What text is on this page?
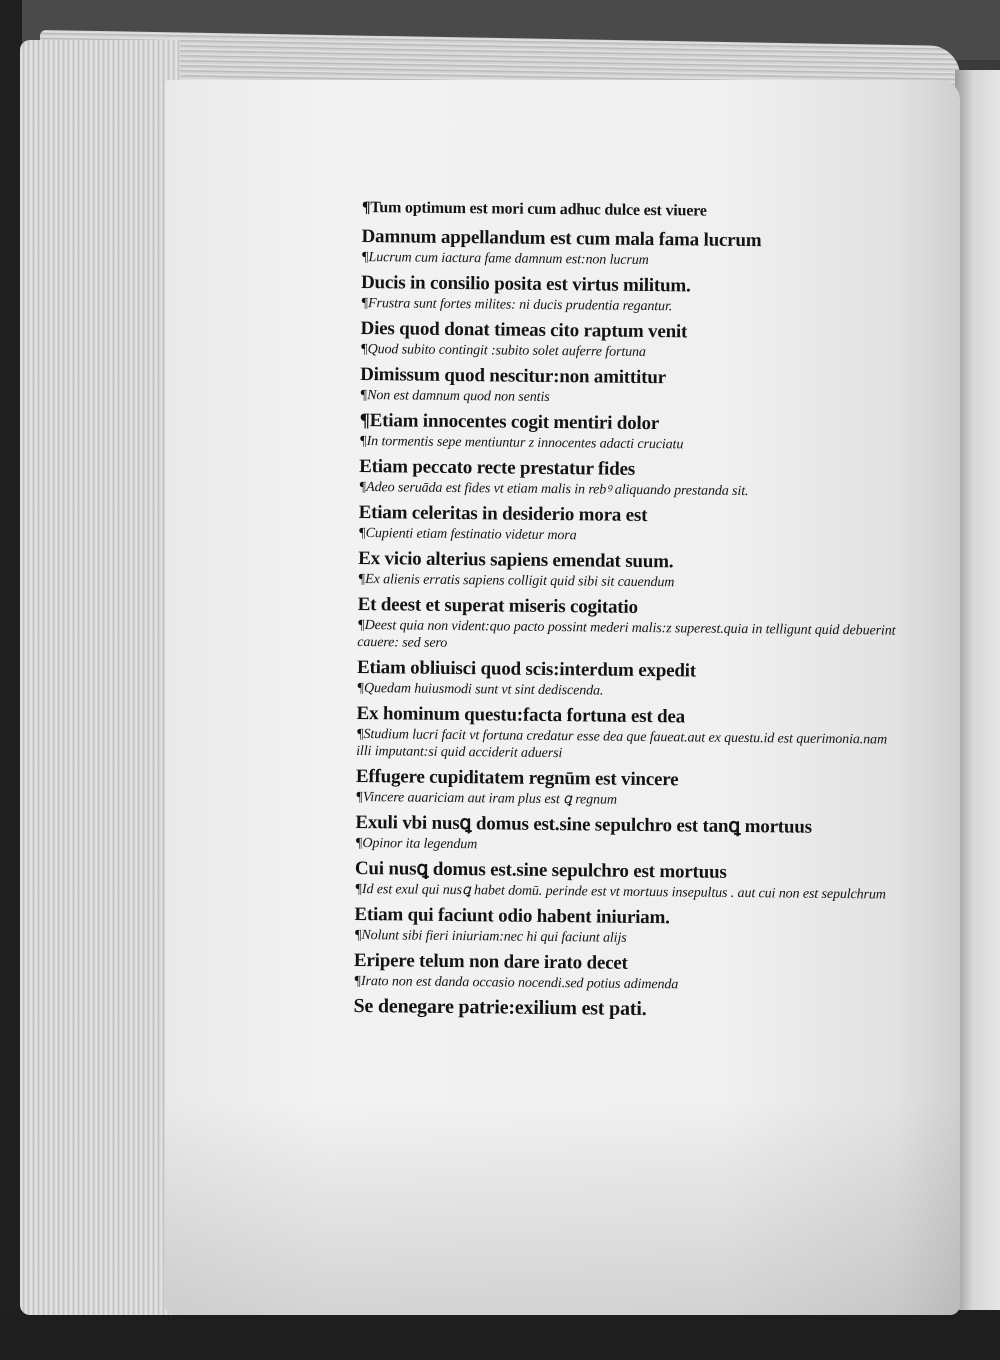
¶Tum optimum est mori cum adhuc dulce est viuere
Damnum appellandum est cum mala fama lucrum
¶Lucrum cum iactura fame damnum est:non lucrum
Ducis in consilio posita est virtus militum.
¶Frustra sunt fortes milites: ni ducis prudentia regantur.
Dies quod donat timeas cito raptum venit
¶Quod subito contingit :subito solet auferre fortuna
Dimissum quod nescitur:non amittitur
¶Non est damnum quod non sentis
¶Etiam innocentes cogit mentiri dolor
¶In tormentis sepe mentiuntur z innocentes adacti cruciatu
Etiam peccato recte prestatur fides
¶Adeo seruāda est fides vt etiam malis in rebꝰ aliquando prestanda sit.
Etiam celeritas in desiderio mora est
¶Cupienti etiam festinatio videtur mora
Ex vicio alterius sapiens emendat suum.
¶Ex alienis erratis sapiens colligit quid sibi sit cauendum
Et deest et superat miseris cogitatio
¶Deest quia non vident:quo pacto possint mederi malis:z superest.quia in telligunt quid debuerint cauere: sed sero
Etiam obliuisci quod scis:interdum expedit
¶Quedam huiusmodi sunt vt sint dediscenda.
Ex hominum questu:facta fortuna est dea
¶Studium lucri facit vt fortuna credatur esse dea que faueat.aut ex questu.id est querimonia.nam illi imputant:si quid acciderit aduersi
Effugere cupiditatem regnūm est vincere
¶Vincere auariciam aut iram plus est ꝗ regnum
Exuli vbi nusꝗ domus est.sine sepulchro est tanꝗ mortuus
¶Opinor ita legendum
Cui nusꝗ domus est.sine sepulchro est mortuus
¶Id est exul qui nusꝗ habet domū. perinde est vt mortuus insepultus . aut cui non est sepulchrum
Etiam qui faciunt odio habent iniuriam.
¶Nolunt sibi fieri iniuriam:nec hi qui faciunt alijs
Eripere telum non dare irato decet
¶Irato non est danda occasio nocendi.sed potius adimenda
Se denegare patrie:exilium est pati.
